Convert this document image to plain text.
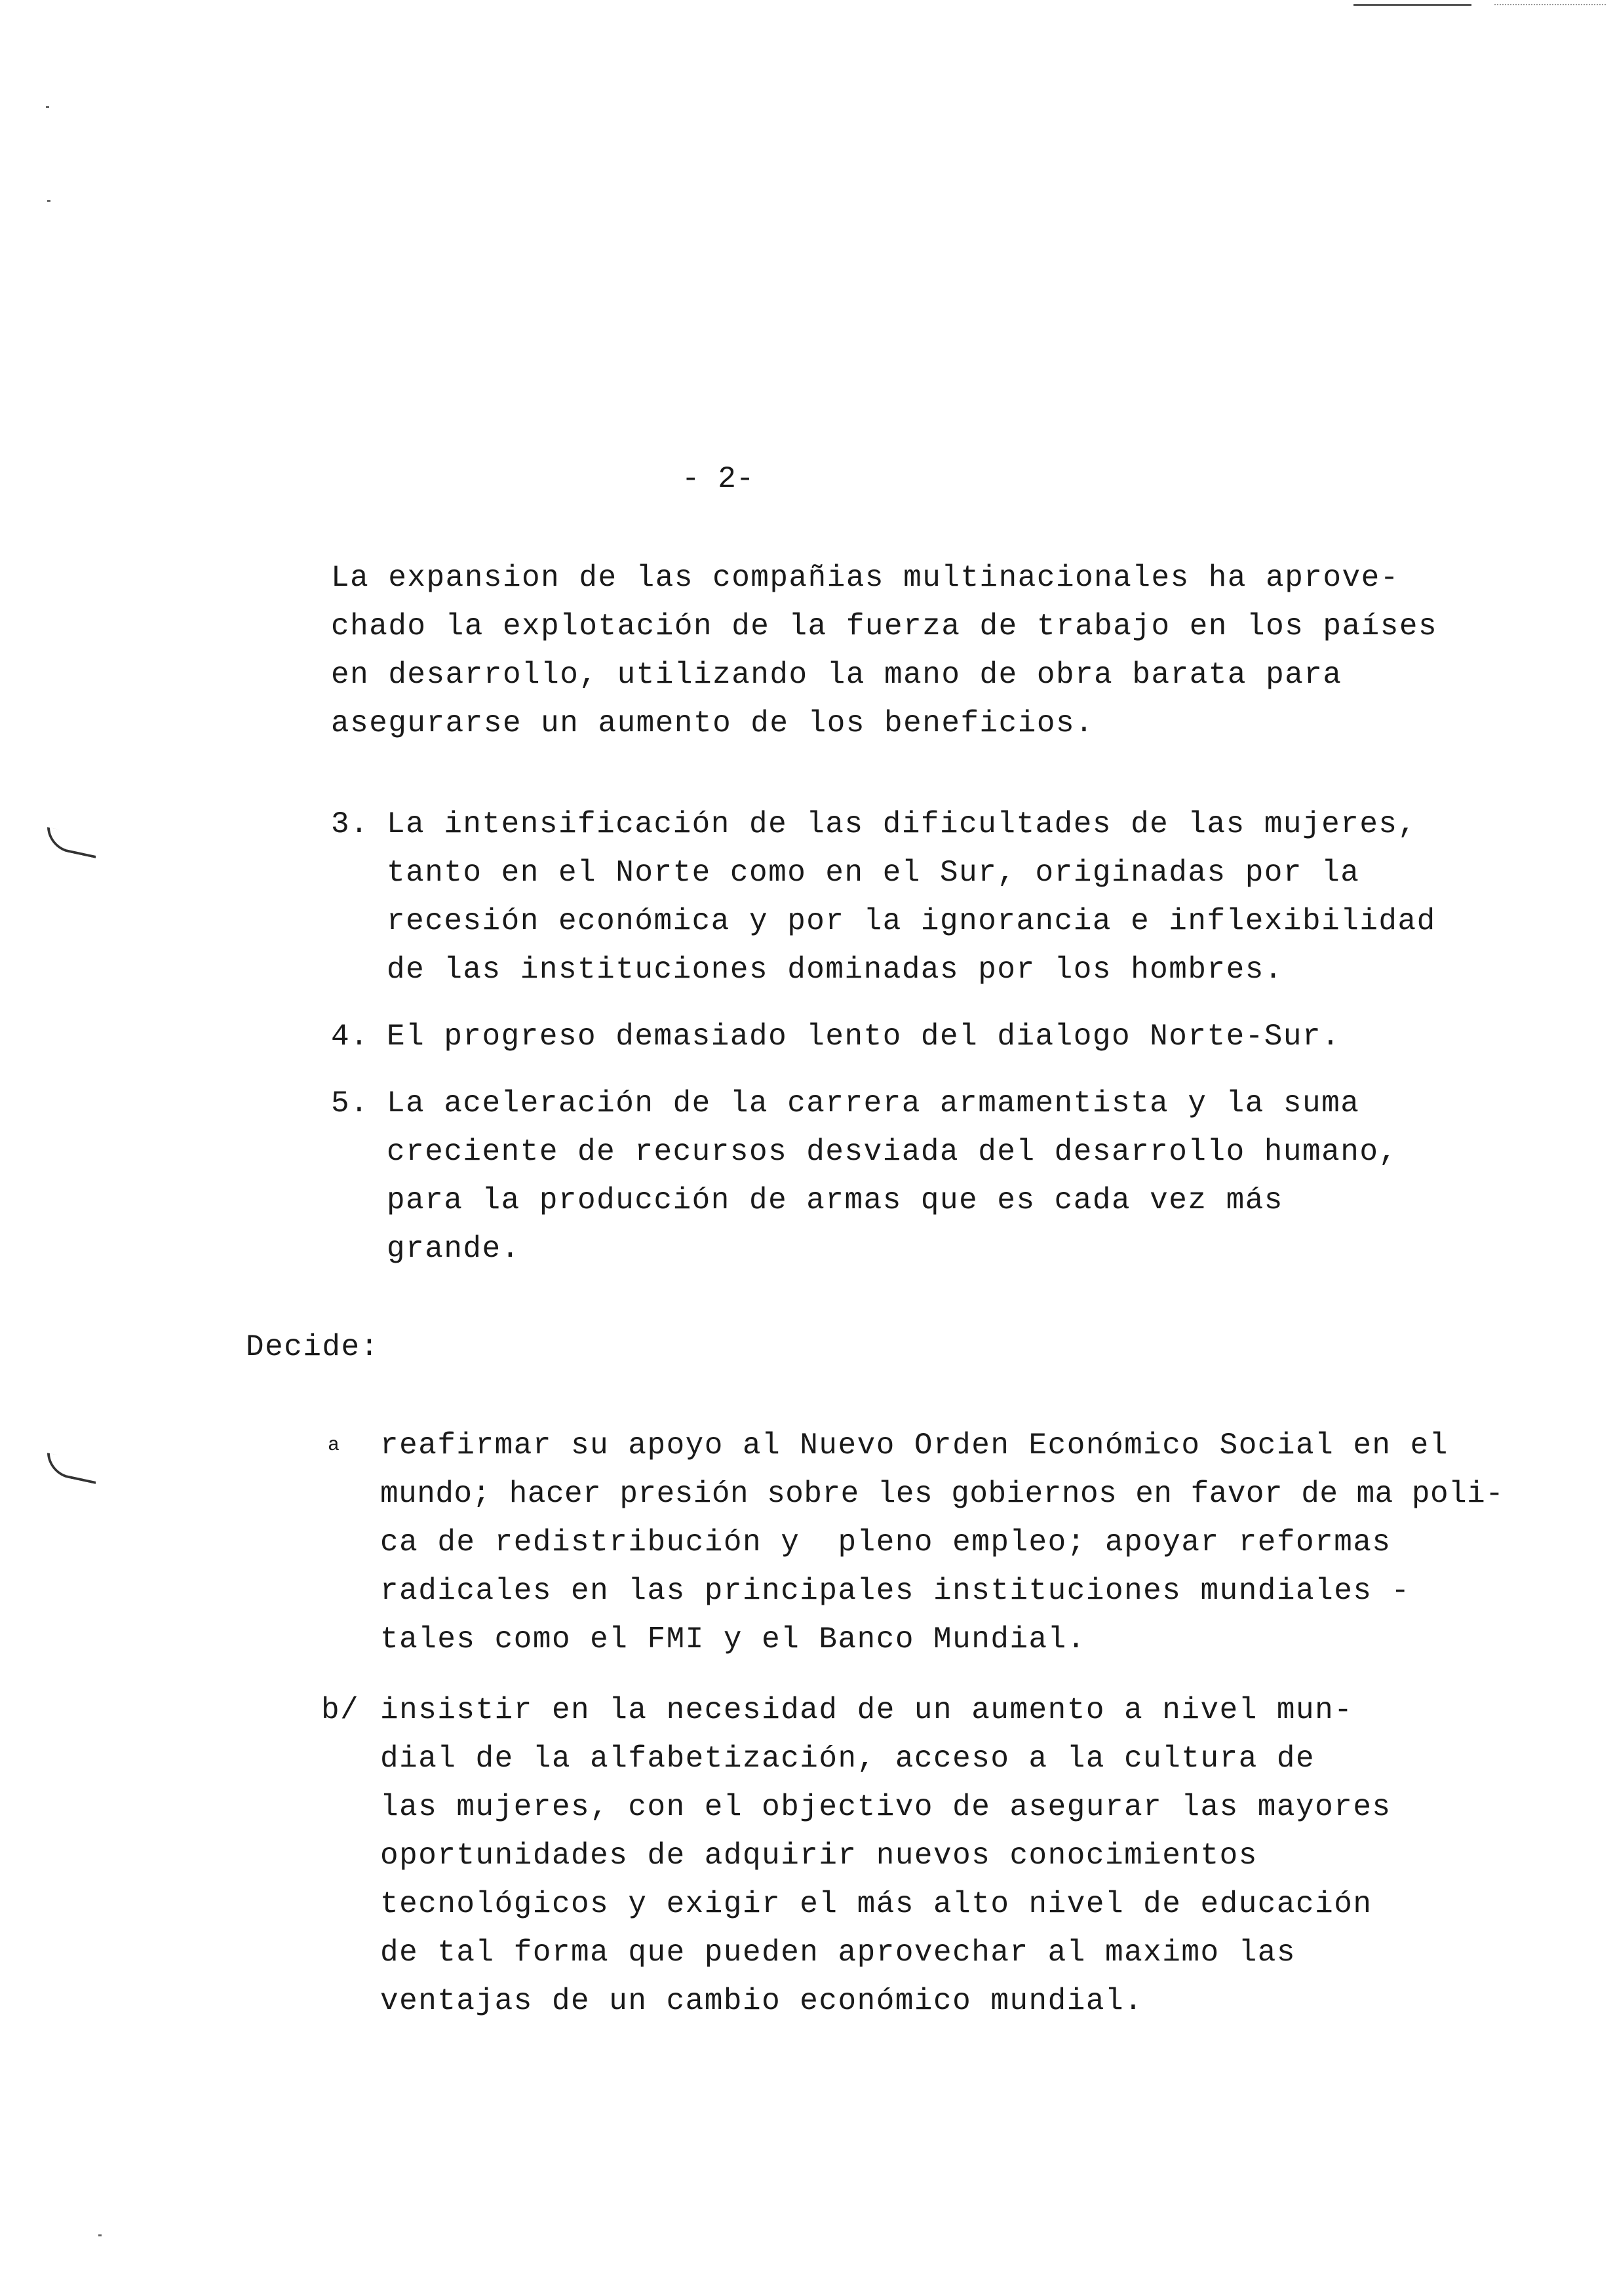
- 2-
La expansion de las compañias multinacionales ha aprove-
chado la explotación de la fuerza de trabajo en los países
en desarrollo, utilizando la mano de obra barata para
asegurarse un aumento de los beneficios.
3. La intensificación de las dificultades de las mujeres,
tanto en el Norte como en el Sur, originadas por la
recesión económica y por la ignorancia e inflexibilidad
de las instituciones dominadas por los hombres.
4. El progreso demasiado lento del dialogo Norte-Sur.
5. La aceleración de la carrera armamentista y la suma
creciente de recursos desviada del desarrollo humano,
para la producción de armas que es cada vez más
grande.
Decide:
a reafirmar su apoyo al Nuevo Orden Económico Social en el
mundo; hacer presión sobre les gobiernos en favor de ma poli-
ca de redistribución y  pleno empleo; apoyar reformas
radicales en las principales instituciones mundiales -
tales como el FMI y el Banco Mundial.
b/ insistir en la necesidad de un aumento a nivel mun-
dial de la alfabetización, acceso a la cultura de
las mujeres, con el objectivo de asegurar las mayores
oportunidades de adquirir nuevos conocimientos
tecnológicos y exigir el más alto nivel de educación
de tal forma que pueden aprovechar al maximo las
ventajas de un cambio económico mundial.
